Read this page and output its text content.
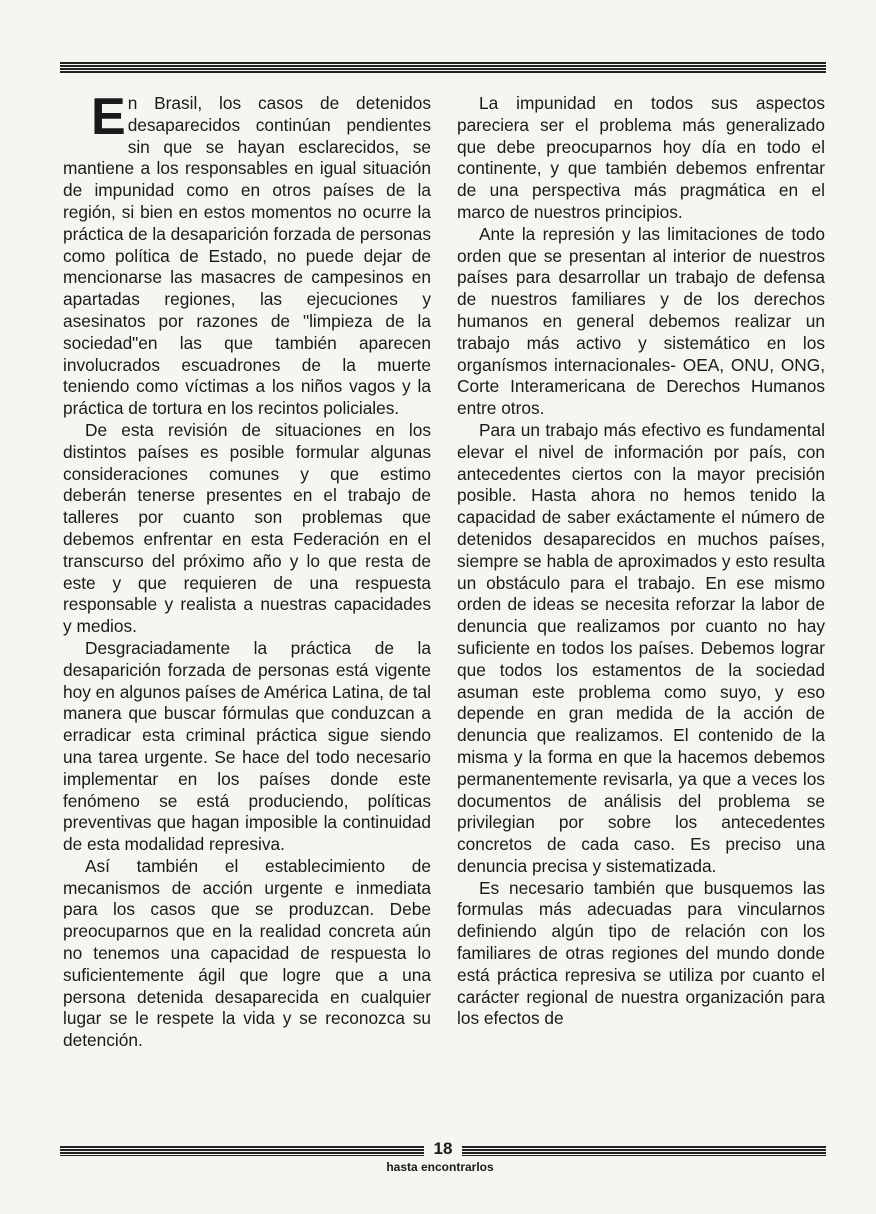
En Brasil, los casos de detenidos desaparecidos continúan pendientes sin que se hayan esclarecidos, se mantiene a los responsables en igual situación de impunidad como en otros países de la región, si bien en estos momentos no ocurre la práctica de la desaparición forzada de personas como política de Estado, no puede dejar de mencionarse las masacres de campesinos en apartadas regiones, las ejecuciones y asesinatos por razones de "limpieza de la sociedad"en las que también aparecen involucrados escuadrones de la muerte teniendo como víctimas a los niños vagos y la práctica de tortura en los recintos policiales.

De esta revisión de situaciones en los distintos países es posible formular algunas consideraciones comunes y que estimo deberán tenerse presentes en el trabajo de talleres por cuanto son problemas que debemos enfrentar en esta Federación en el transcurso del próximo año y lo que resta de este y que requieren de una respuesta responsable y realista a nuestras capacidades y medios.

Desgraciadamente la práctica de la desaparición forzada de personas está vigente hoy en algunos países de América Latina, de tal manera que buscar fórmulas que conduzcan a erradicar esta criminal práctica sigue siendo una tarea urgente. Se hace del todo necesario implementar en los países donde este fenómeno se está produciendo, políticas preventivas que hagan imposible la continuidad de esta modalidad represiva.

Así también el establecimiento de mecanismos de acción urgente e inmediata para los casos que se produzcan. Debe preocuparnos que en la realidad concreta aún no tenemos una capacidad de respuesta lo suficientemente ágil que logre que a una persona detenida desaparecida en cualquier lugar se le respete la vida y se reconozca su detención.

La impunidad en todos sus aspectos pareciera ser el problema más generalizado que debe preocuparnos hoy día en todo el continente, y que también debemos enfrentar de una perspectiva más pragmática en el marco de nuestros principios.

Ante la represión y las limitaciones de todo orden que se presentan al interior de nuestros países para desarrollar un trabajo de defensa de nuestros familiares y de los derechos humanos en general debemos realizar un trabajo más activo y sistemático en los organísmos internacionales- OEA, ONU, ONG, Corte Interamericana de Derechos Humanos entre otros.

Para un trabajo más efectivo es fundamental elevar el nivel de información por país, con antecedentes ciertos con la mayor precisión posible. Hasta ahora no hemos tenido la capacidad de saber exáctamente el número de detenidos desaparecidos en muchos países, siempre se habla de aproximados y esto resulta un obstáculo para el trabajo. En ese mismo orden de ideas se necesita reforzar la labor de denuncia que realizamos por cuanto no hay suficiente en todos los países. Debemos lograr que todos los estamentos de la sociedad asuman este problema como suyo, y eso depende en gran medida de la acción de denuncia que realizamos. El contenido de la misma y la forma en que la hacemos debemos permanentemente revisarla, ya que a veces los documentos de análisis del problema se privilegian por sobre los antecedentes concretos de cada caso. Es preciso una denuncia precisa y sistematizada.

Es necesario también que busquemos las formulas más adecuadas para vincularnos definiendo algún tipo de relación con los familiares de otras regiones del mundo donde está práctica represiva se utiliza por cuanto el carácter regional de nuestra organización para los efectos de

18
hasta encontrarlos
